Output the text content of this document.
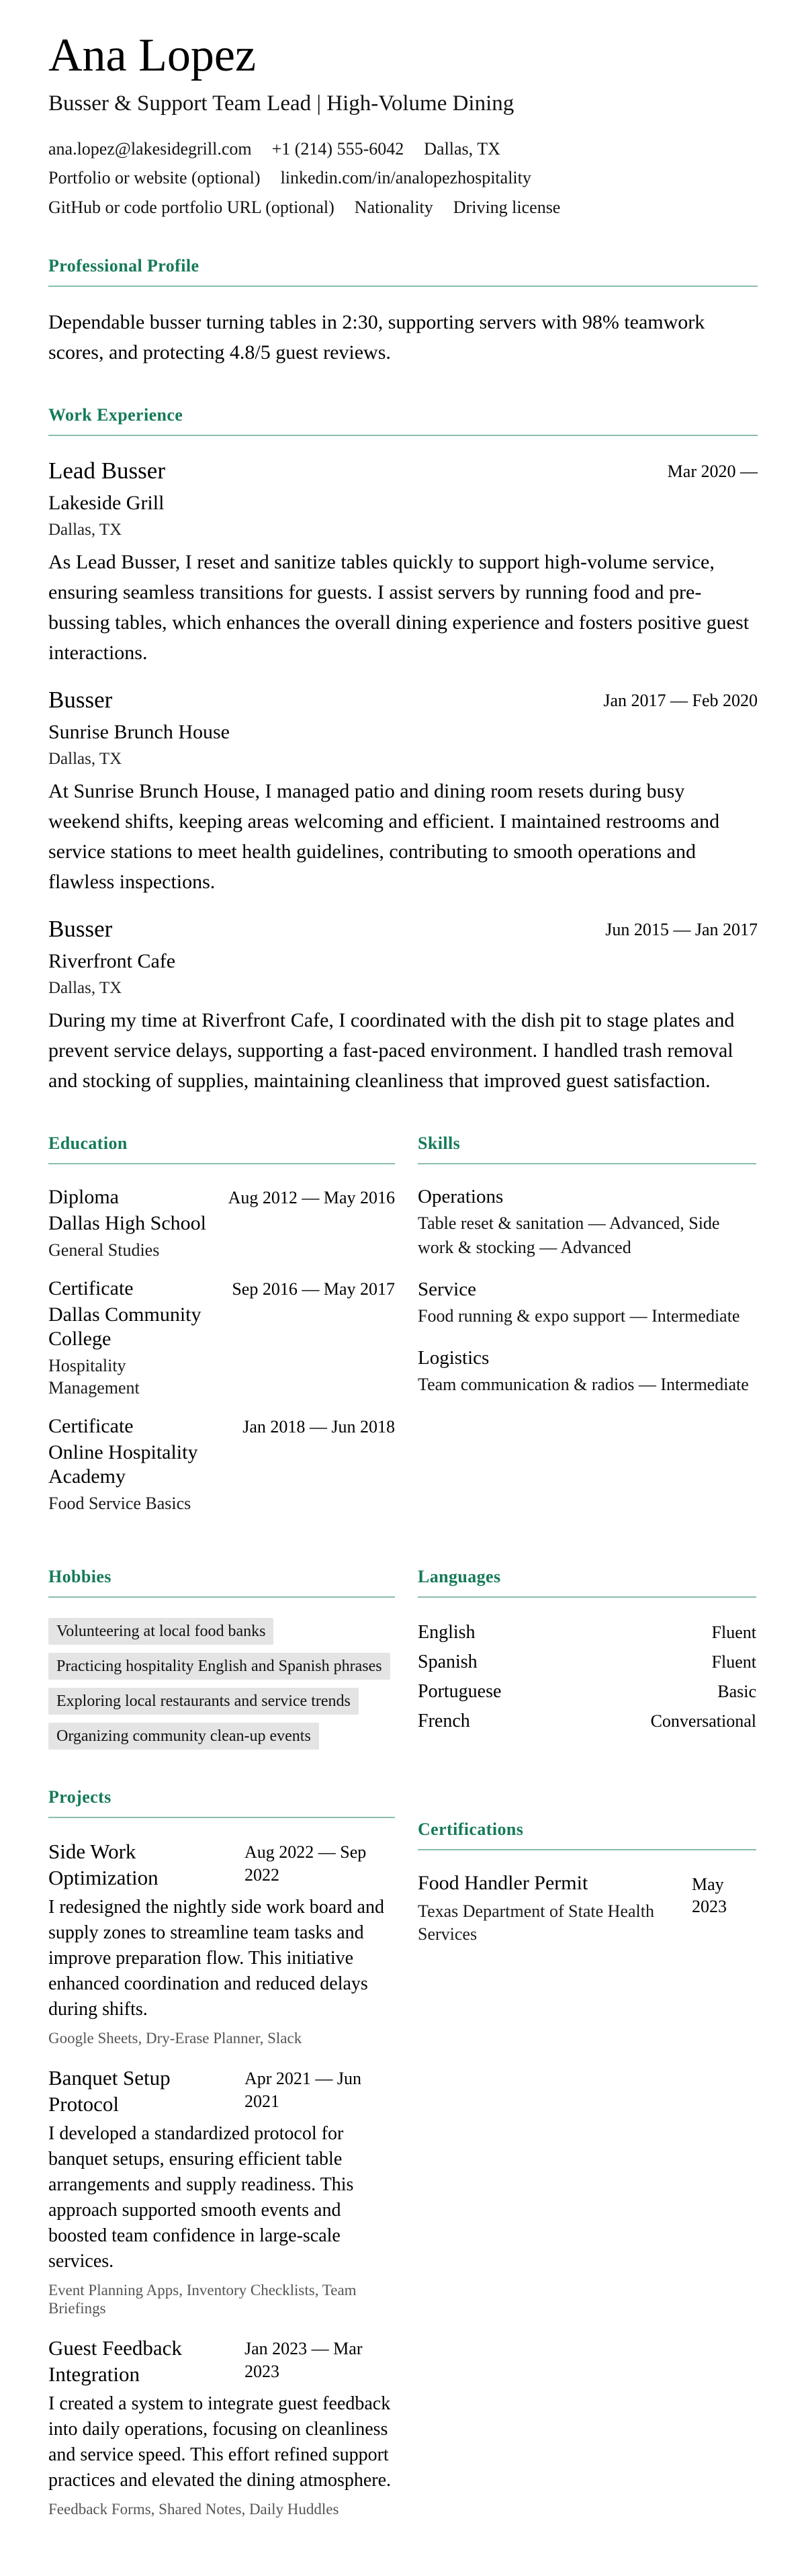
Ana Lopez
Busser & Support Team Lead | High-Volume Dining
ana.lopez@lakesidegrill.com +1 (214) 555-6042 Dallas, TX
Portfolio or website (optional) linkedin.com/in/analopezhospitality
GitHub or code portfolio URL (optional) Nationality Driving license
Professional Profile

Dependable busser turning tables in 2:30, supporting servers with 98% teamwork scores, and protecting 4.8/5 guest reviews.

Work Experience
Lead Busser	Mar 2020 —
Lakeside Grill
Dallas, TX

As Lead Busser, I reset and sanitize tables quickly to support high-volume service, ensuring seamless transitions for guests. I assist servers by running food and pre-bussing tables, which enhances the overall dining experience and fosters positive guest interactions.

Busser	Jan 2017 — Feb 2020
Sunrise Brunch House
Dallas, TX

At Sunrise Brunch House, I managed patio and dining room resets during busy weekend shifts, keeping areas welcoming and efficient. I maintained restrooms and service stations to meet health guidelines, contributing to smooth operations and flawless inspections.

Busser	Jun 2015 — Jan 2017
Riverfront Cafe
Dallas, TX

During my time at Riverfront Cafe, I coordinated with the dish pit to stage plates and prevent service delays, supporting a fast-paced environment. I handled trash removal and stocking of supplies, maintaining cleanliness that improved guest satisfaction.

Education
Diploma
Dallas High School
General Studies
Aug 2012 — May 2016
Certificate
Dallas Community College
Hospitality Management
Sep 2016 — May 2017
Certificate
Online Hospitality Academy
Food Service Basics
Jan 2018 — Jun 2018
Skills
Operations
Table reset & sanitation — Advanced, Side work & stocking — Advanced
Service
Food running & expo support — Intermediate
Logistics
Team communication & radios — Intermediate
Hobbies
Volunteering at local food banks
Practicing hospitality English and Spanish phrases
Exploring local restaurants and service trends
Organizing community clean-up events
Languages
English	Fluent
Spanish	Fluent
Portuguese	Basic
French	Conversational
Projects
Side Work Optimization
Aug 2022 — Sep 2022

I redesigned the nightly side work board and supply zones to streamline team tasks and improve preparation flow. This initiative enhanced coordination and reduced delays during shifts.

Google Sheets, Dry-Erase Planner, Slack
Banquet Setup Protocol
Apr 2021 — Jun 2021

I developed a standardized protocol for banquet setups, ensuring efficient table arrangements and supply readiness. This approach supported smooth events and boosted team confidence in large-scale services.

Event Planning Apps, Inventory Checklists, Team Briefings
Guest Feedback Integration
Jan 2023 — Mar 2023

I created a system to integrate guest feedback into daily operations, focusing on cleanliness and service speed. This effort refined support practices and elevated the dining atmosphere.

Feedback Forms, Shared Notes, Daily Huddles
Certifications
Food Handler Permit
Texas Department of State Health Services
May 2023
